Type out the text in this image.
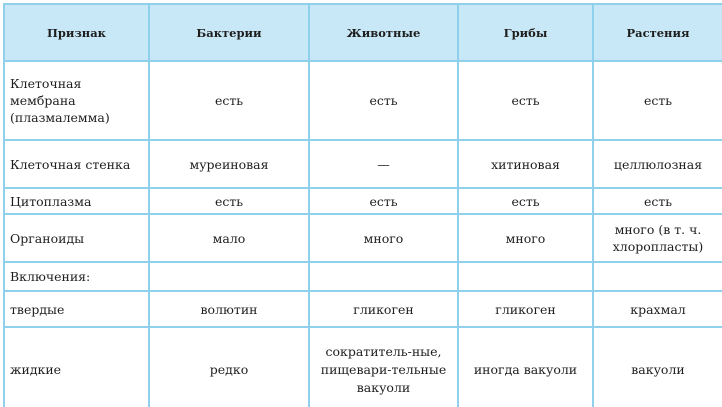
Признак	Бактерии	Животные	Грибы	Растения
Клеточная мембрана (плазмалемма)	есть	есть	есть	есть
Клеточная стенка	муреиновая	—	хитиновая	целлюлозная
Цитоплазма	есть	есть	есть	есть
Органоиды	мало	много	много	много (в т. ч. хлоропласты)
Включения:				
твердые	волютин	гликоген	гликоген	крахмал
жидкие	редко	сократитель-ные, пищевари-тельные вакуоли	иногда вакуоли	вакуоли
